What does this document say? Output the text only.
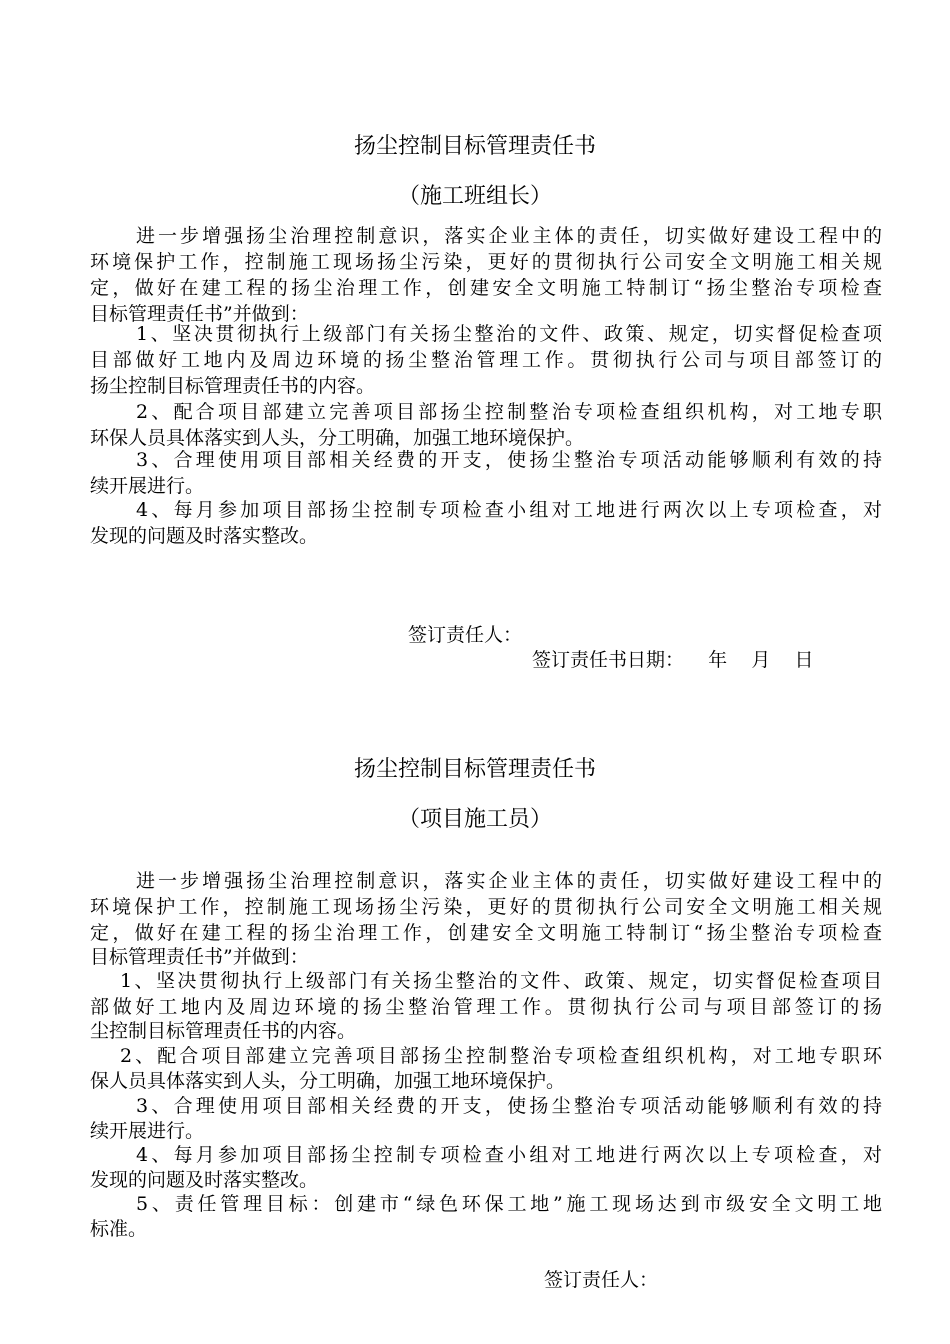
扬尘控制目标管理责任书
（施工班组长）
进一步增强扬尘治理控制意识，落实企业主体的责任，切实做好建设工程中的
环境保护工作，控制施工现场扬尘污染，更好的贯彻执行公司安全文明施工相关规
定，做好在建工程的扬尘治理工作，创建安全文明施工特制订“扬尘整治专项检查
目标管理责任书”并做到：
1、坚决贯彻执行上级部门有关扬尘整治的文件、政策、规定，切实督促检查项
目部做好工地内及周边环境的扬尘整治管理工作。贯彻执行公司与项目部签订的
扬尘控制目标管理责任书的内容。
2、配合项目部建立完善项目部扬尘控制整治专项检查组织机构，对工地专职
环保人员具体落实到人头，分工明确，加强工地环境保护。
3、合理使用项目部相关经费的开支，使扬尘整治专项活动能够顺利有效的持
续开展进行。
4、每月参加项目部扬尘控制专项检查小组对工地进行两次以上专项检查，对
发现的问题及时落实整改。
签订责任人：
签订责任书日期：    年    月    日
扬尘控制目标管理责任书
（项目施工员）
进一步增强扬尘治理控制意识，落实企业主体的责任，切实做好建设工程中的
环境保护工作，控制施工现场扬尘污染，更好的贯彻执行公司安全文明施工相关规
定，做好在建工程的扬尘治理工作，创建安全文明施工特制订“扬尘整治专项检查
目标管理责任书”并做到：
1、坚决贯彻执行上级部门有关扬尘整治的文件、政策、规定，切实督促检查项目
部做好工地内及周边环境的扬尘整治管理工作。贯彻执行公司与项目部签订的扬
尘控制目标管理责任书的内容。
2、配合项目部建立完善项目部扬尘控制整治专项检查组织机构，对工地专职环
保人员具体落实到人头，分工明确，加强工地环境保护。
3、合理使用项目部相关经费的开支，使扬尘整治专项活动能够顺利有效的持
续开展进行。
4、每月参加项目部扬尘控制专项检查小组对工地进行两次以上专项检查，对
发现的问题及时落实整改。
5、责任管理目标：创建市“绿色环保工地”施工现场达到市级安全文明工地
标准。
签订责任人：
